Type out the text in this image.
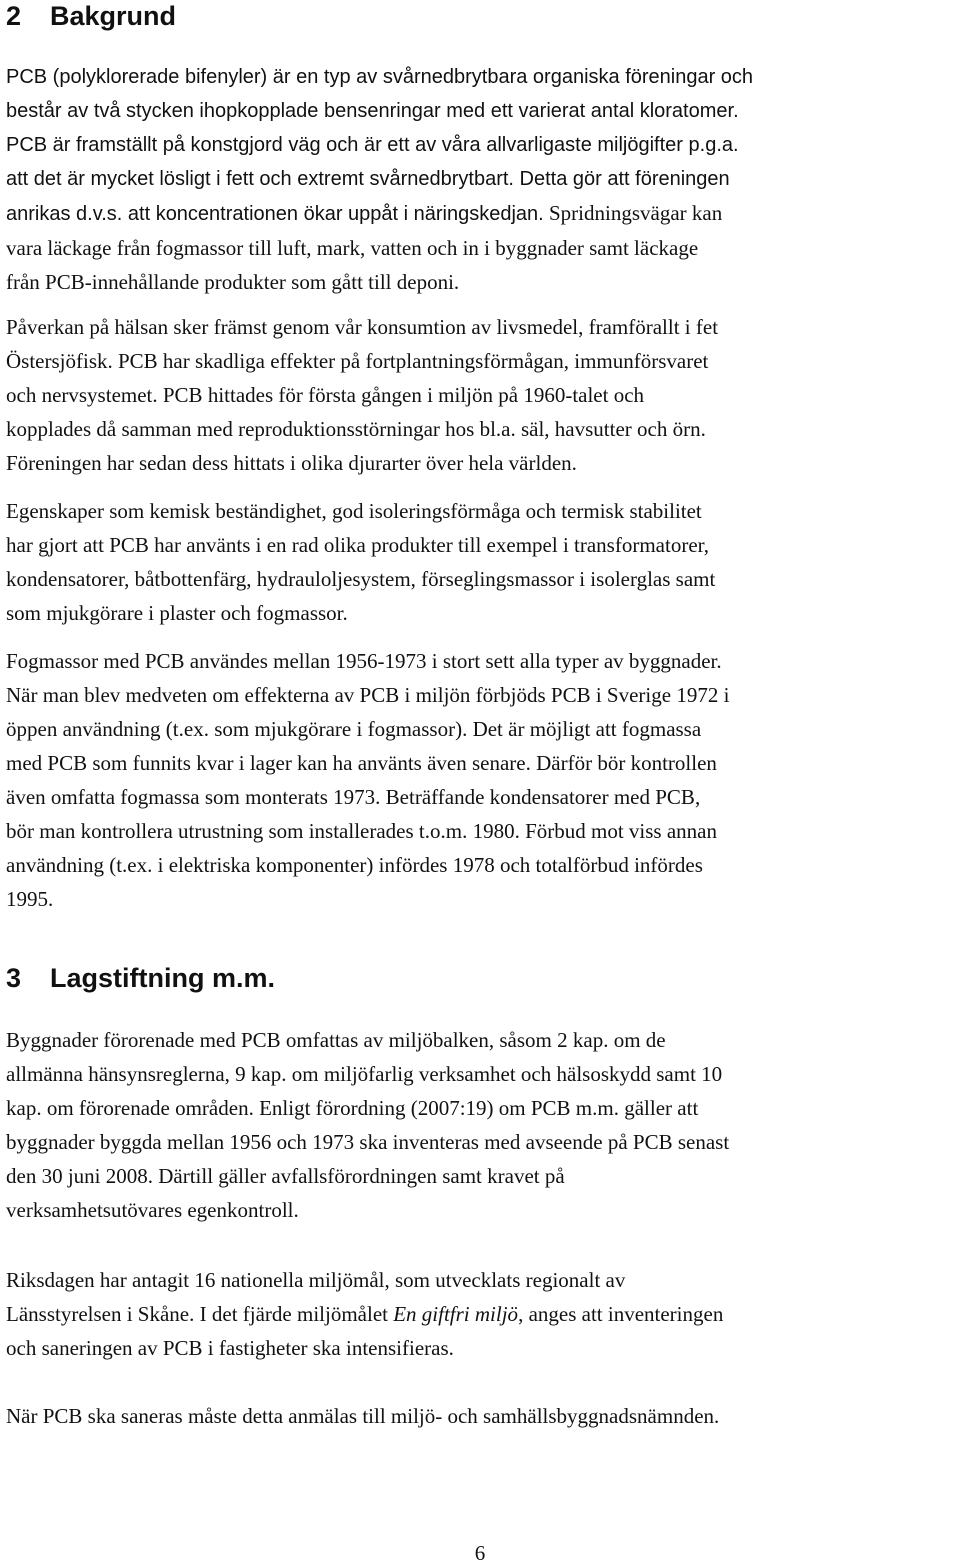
2 Bakgrund

PCB (polyklorerade bifenyler) är en typ av svårnedbrytbara organiska föreningar och
består av två stycken ihopkopplade bensenringar med ett varierat antal kloratomer.
PCB är framställt på konstgjord väg och är ett av våra allvarligaste miljögifter p.g.a.
att det är mycket lösligt i fett och extremt svårnedbrytbart. Detta gör att föreningen
anrikas d.v.s. att koncentrationen ökar uppåt i näringskedjan. Spridningsvägar kan
vara läckage från fogmassor till luft, mark, vatten och in i byggnader samt läckage
från PCB-innehållande produkter som gått till deponi.

Påverkan på hälsan sker främst genom vår konsumtion av livsmedel, framförallt i fet
Östersjöfisk. PCB har skadliga effekter på fortplantningsförmågan, immunförsvaret
och nervsystemet. PCB hittades för första gången i miljön på 1960-talet och
kopplades då samman med reproduktionsstörningar hos bl.a. säl, havsutter och örn.
Föreningen har sedan dess hittats i olika djurarter över hela världen.

Egenskaper som kemisk beständighet, god isoleringsförmåga och termisk stabilitet
har gjort att PCB har använts i en rad olika produkter till exempel i transformatorer,
kondensatorer, båtbottenfärg, hydrauloljesystem, förseglingsmassor i isolerglas samt
som mjukgörare i plaster och fogmassor.

Fogmassor med PCB användes mellan 1956-1973 i stort sett alla typer av byggnader.
När man blev medveten om effekterna av PCB i miljön förbjöds PCB i Sverige 1972 i
öppen användning (t.ex. som mjukgörare i fogmassor). Det är möjligt att fogmassa
med PCB som funnits kvar i lager kan ha använts även senare. Därför bör kontrollen
även omfatta fogmassa som monterats 1973. Beträffande kondensatorer med PCB,
bör man kontrollera utrustning som installerades t.o.m. 1980. Förbud mot viss annan
användning (t.ex. i elektriska komponenter) infördes 1978 och totalförbud infördes
1995.

3 Lagstiftning m.m.

Byggnader förorenade med PCB omfattas av miljöbalken, såsom 2 kap. om de
allmänna hänsynsreglerna, 9 kap. om miljöfarlig verksamhet och hälsoskydd samt 10
kap. om förorenade områden. Enligt förordning (2007:19) om PCB m.m. gäller att
byggnader byggda mellan 1956 och 1973 ska inventeras med avseende på PCB senast
den 30 juni 2008. Därtill gäller avfallsförordningen samt kravet på
verksamhetsutövares egenkontroll.

Riksdagen har antagit 16 nationella miljömål, som utvecklats regionalt av
Länsstyrelsen i Skåne. I det fjärde miljömålet En giftfri miljö, anges att inventeringen
och saneringen av PCB i fastigheter ska intensifieras.

När PCB ska saneras måste detta anmälas till miljö- och samhällsbyggnadsnämnden.

6
